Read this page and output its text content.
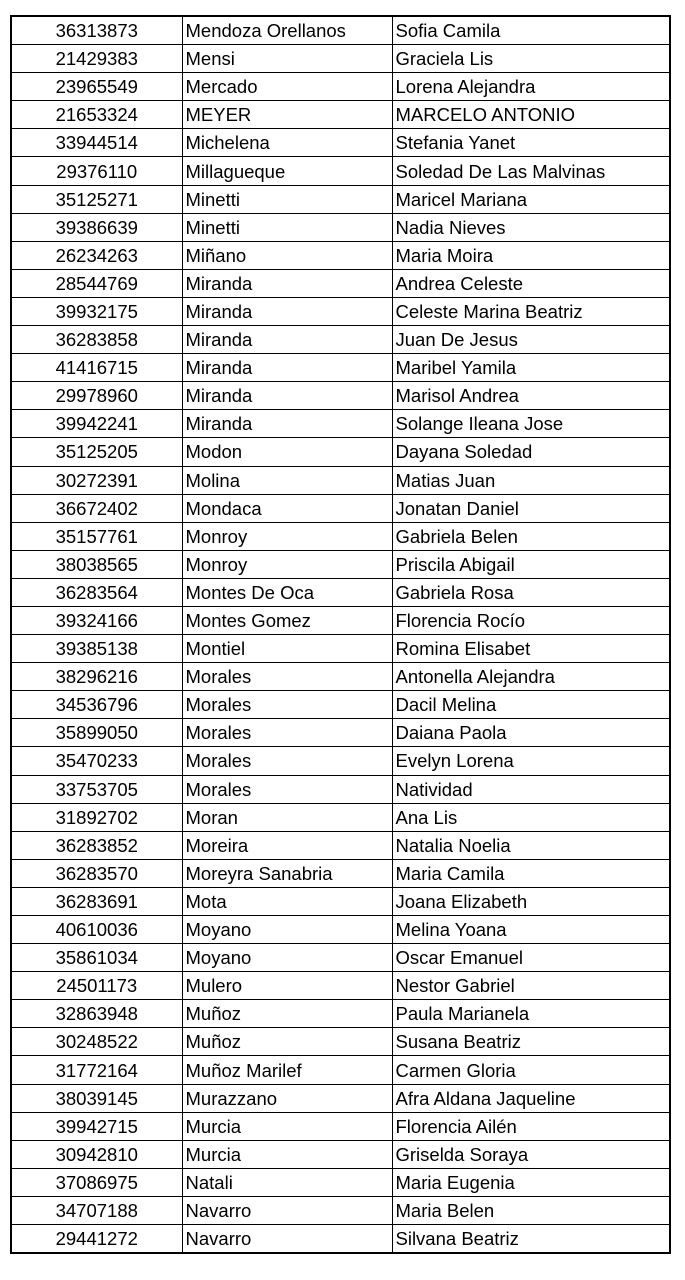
36313873	Mendoza Orellanos	Sofia Camila
21429383	Mensi	Graciela Lis
23965549	Mercado	Lorena Alejandra
21653324	MEYER	MARCELO ANTONIO
33944514	Michelena	Stefania Yanet
29376110	Millagueque	Soledad De Las Malvinas
35125271	Minetti	Maricel Mariana
39386639	Minetti	Nadia Nieves
26234263	Miñano	Maria Moira
28544769	Miranda	Andrea Celeste
39932175	Miranda	Celeste Marina Beatriz
36283858	Miranda	Juan De Jesus
41416715	Miranda	Maribel Yamila
29978960	Miranda	Marisol Andrea
39942241	Miranda	Solange Ileana Jose
35125205	Modon	Dayana Soledad
30272391	Molina	Matias Juan
36672402	Mondaca	Jonatan Daniel
35157761	Monroy	Gabriela Belen
38038565	Monroy	Priscila Abigail
36283564	Montes De Oca	Gabriela Rosa
39324166	Montes Gomez	Florencia Rocío
39385138	Montiel	Romina Elisabet
38296216	Morales	Antonella Alejandra
34536796	Morales	Dacil Melina
35899050	Morales	Daiana Paola
35470233	Morales	Evelyn Lorena
33753705	Morales	Natividad
31892702	Moran	Ana Lis
36283852	Moreira	Natalia Noelia
36283570	Moreyra Sanabria	Maria Camila
36283691	Mota	Joana Elizabeth
40610036	Moyano	Melina Yoana
35861034	Moyano	Oscar Emanuel
24501173	Mulero	Nestor Gabriel
32863948	Muñoz	Paula Marianela
30248522	Muñoz	Susana Beatriz
31772164	Muñoz Marilef	Carmen Gloria
38039145	Murazzano	Afra Aldana Jaqueline
39942715	Murcia	Florencia Ailén
30942810	Murcia	Griselda Soraya
37086975	Natali	Maria Eugenia
34707188	Navarro	Maria Belen
29441272	Navarro	Silvana Beatriz
